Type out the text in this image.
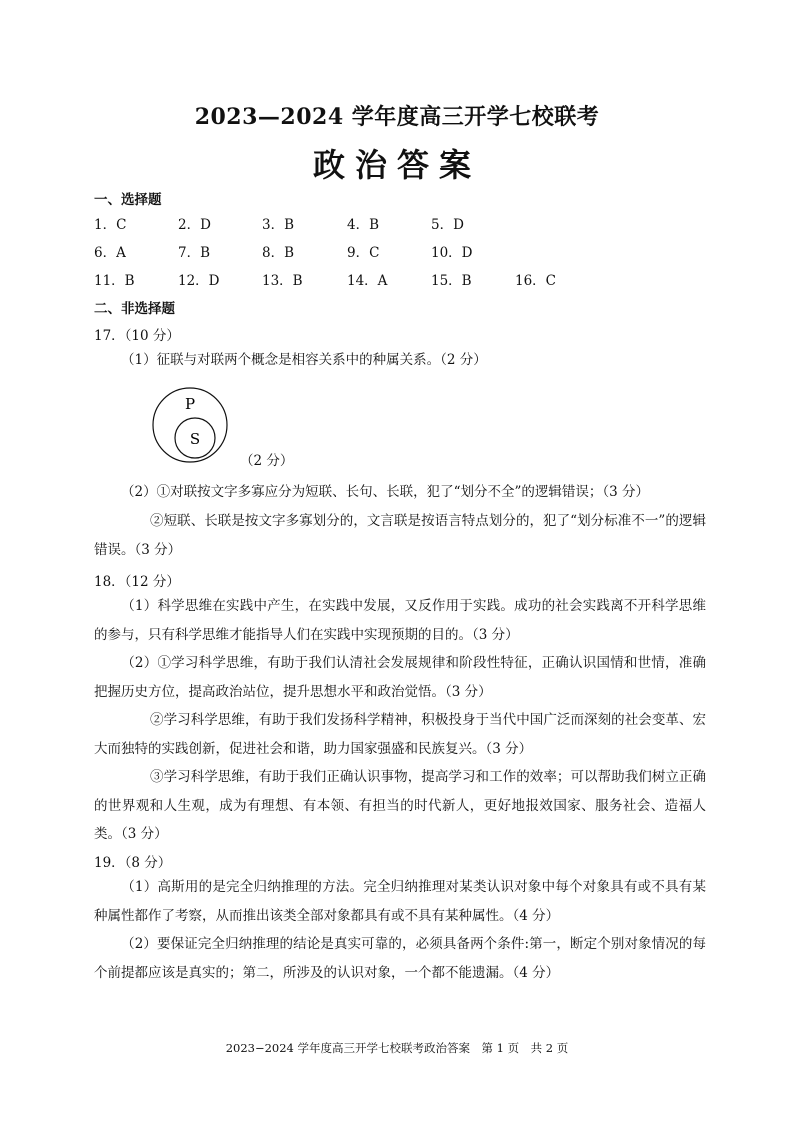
2023—2024 学年度高三开学七校联考
政治答案
一、选择题
1．C	2．D	3．B	4．B	5．D
6．A	7．B	8．B	9．C	10．D
11．B	12．D	13．B	14．A	15．B	16．C
二、非选择题
17．（10 分）

（1）征联与对联两个概念是相容关系中的种属关系。（2 分）

P
S
（2 分）

（2）①对联按文字多寡应分为短联、长句、长联，犯了“划分不全”的逻辑错误；（3 分）

②短联、长联是按文字多寡划分的，文言联是按语言特点划分的，犯了“划分标准不一”的逻辑错误。（3 分）

18．（12 分）

（1）科学思维在实践中产生，在实践中发展，又反作用于实践。成功的社会实践离不开科学思维的参与，只有科学思维才能指导人们在实践中实现预期的目的。（3 分）

（2）①学习科学思维，有助于我们认清社会发展规律和阶段性特征，正确认识国情和世情，准确把握历史方位，提高政治站位，提升思想水平和政治觉悟。（3 分）

②学习科学思维，有助于我们发扬科学精神，积极投身于当代中国广泛而深刻的社会变革、宏大而独特的实践创新，促进社会和谐，助力国家强盛和民族复兴。（3 分）

③学习科学思维，有助于我们正确认识事物，提高学习和工作的效率；可以帮助我们树立正确的世界观和人生观，成为有理想、有本领、有担当的时代新人，更好地报效国家、服务社会、造福人类。（3 分）

19．（8 分）

（1）高斯用的是完全归纳推理的方法。完全归纳推理对某类认识对象中每个对象具有或不具有某种属性都作了考察，从而推出该类全部对象都具有或不具有某种属性。（4 分）

（2）要保证完全归纳推理的结论是真实可靠的，必须具备两个条件:第一，断定个别对象情况的每个前提都应该是真实的；第二，所涉及的认识对象，一个都不能遗漏。（4 分）

2023−2024 学年度高三开学七校联考政治答案　第 1 页　共 2 页
